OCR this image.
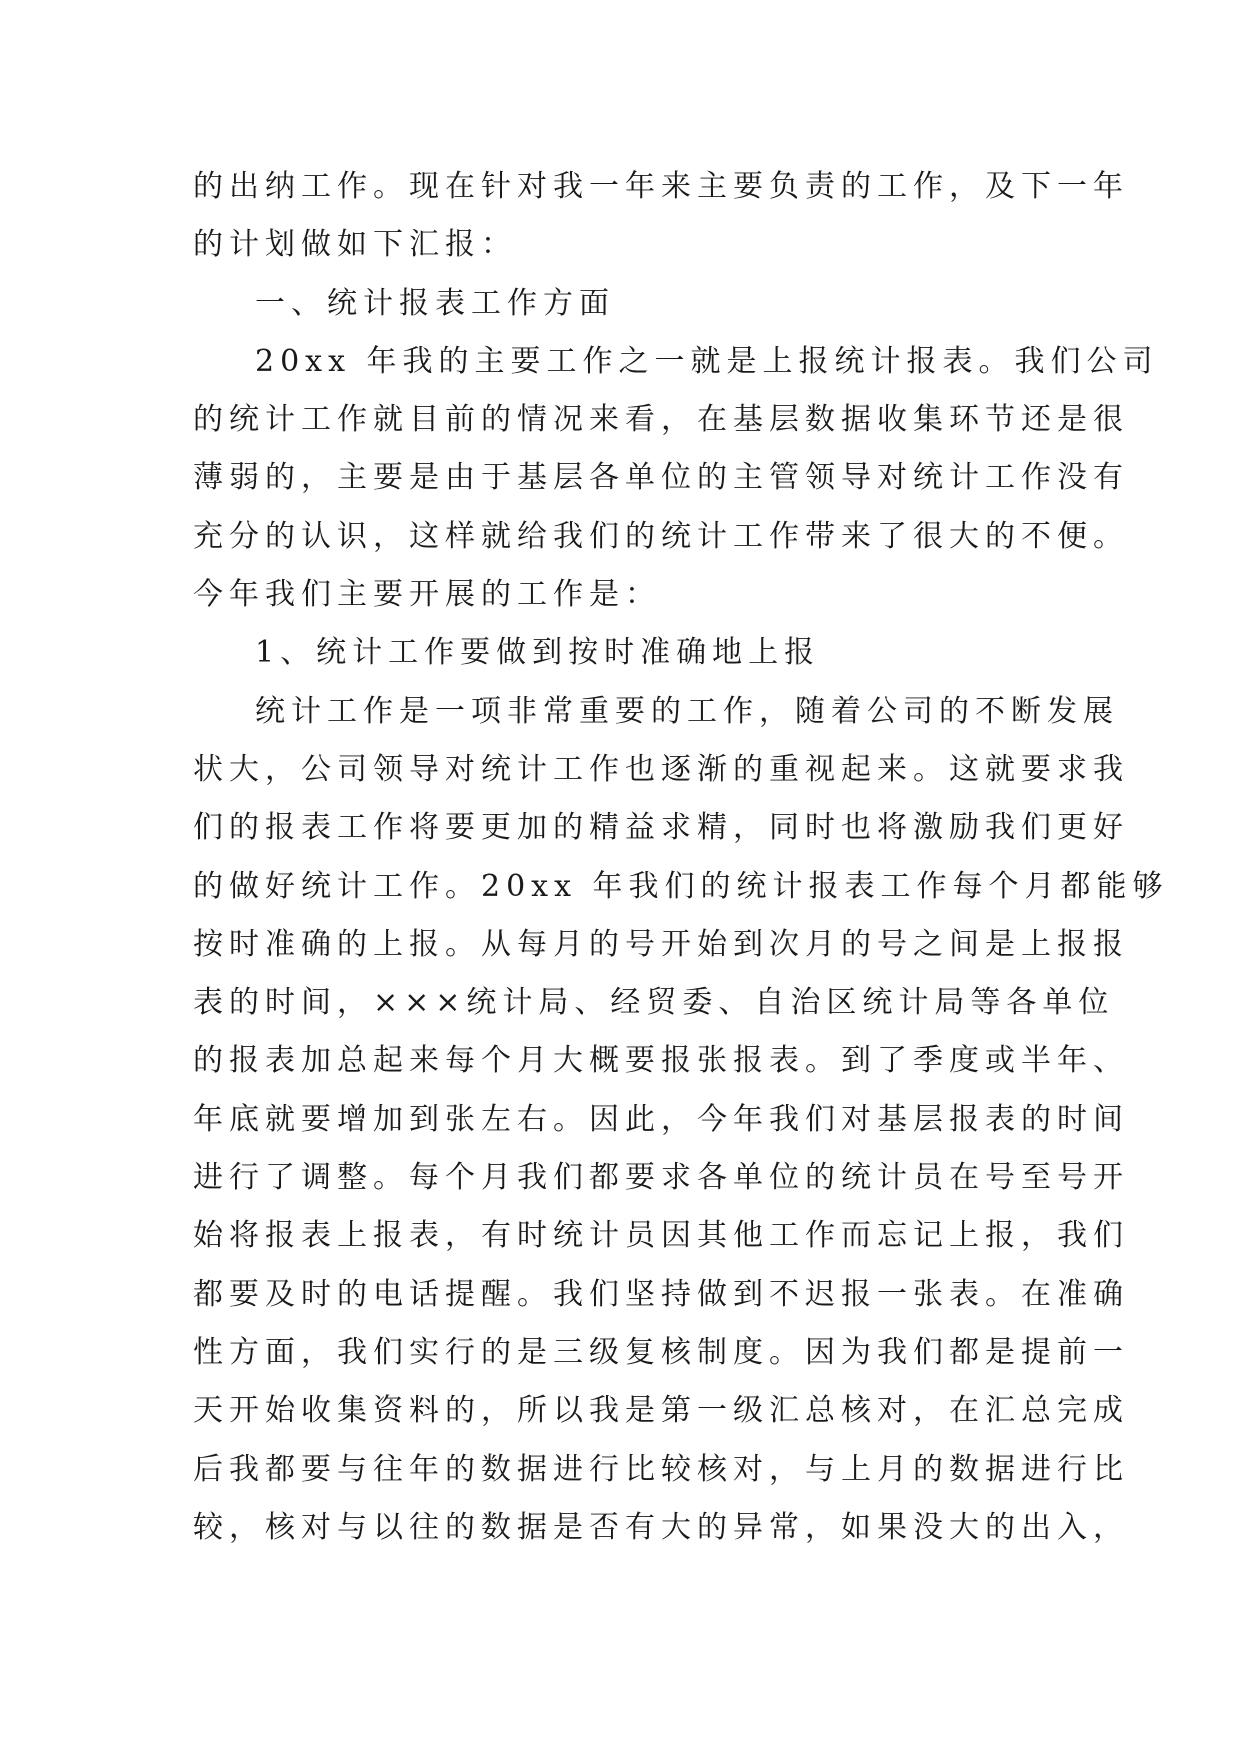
的出纳工作。现在针对我一年来主要负责的工作，及下一年
的计划做如下汇报：
一、统计报表工作方面
20xx 年我的主要工作之一就是上报统计报表。我们公司
的统计工作就目前的情况来看，在基层数据收集环节还是很
薄弱的，主要是由于基层各单位的主管领导对统计工作没有
充分的认识，这样就给我们的统计工作带来了很大的不便。
今年我们主要开展的工作是：
1、统计工作要做到按时准确地上报
统计工作是一项非常重要的工作，随着公司的不断发展
状大，公司领导对统计工作也逐渐的重视起来。这就要求我
们的报表工作将要更加的精益求精，同时也将激励我们更好
的做好统计工作。20xx 年我们的统计报表工作每个月都能够
按时准确的上报。从每月的号开始到次月的号之间是上报报
表的时间，×××统计局、经贸委、自治区统计局等各单位
的报表加总起来每个月大概要报张报表。到了季度或半年、
年底就要增加到张左右。因此，今年我们对基层报表的时间
进行了调整。每个月我们都要求各单位的统计员在号至号开
始将报表上报表，有时统计员因其他工作而忘记上报，我们
都要及时的电话提醒。我们坚持做到不迟报一张表。在准确
性方面，我们实行的是三级复核制度。因为我们都是提前一
天开始收集资料的，所以我是第一级汇总核对，在汇总完成
后我都要与往年的数据进行比较核对，与上月的数据进行比
较，核对与以往的数据是否有大的异常，如果没大的出入，
